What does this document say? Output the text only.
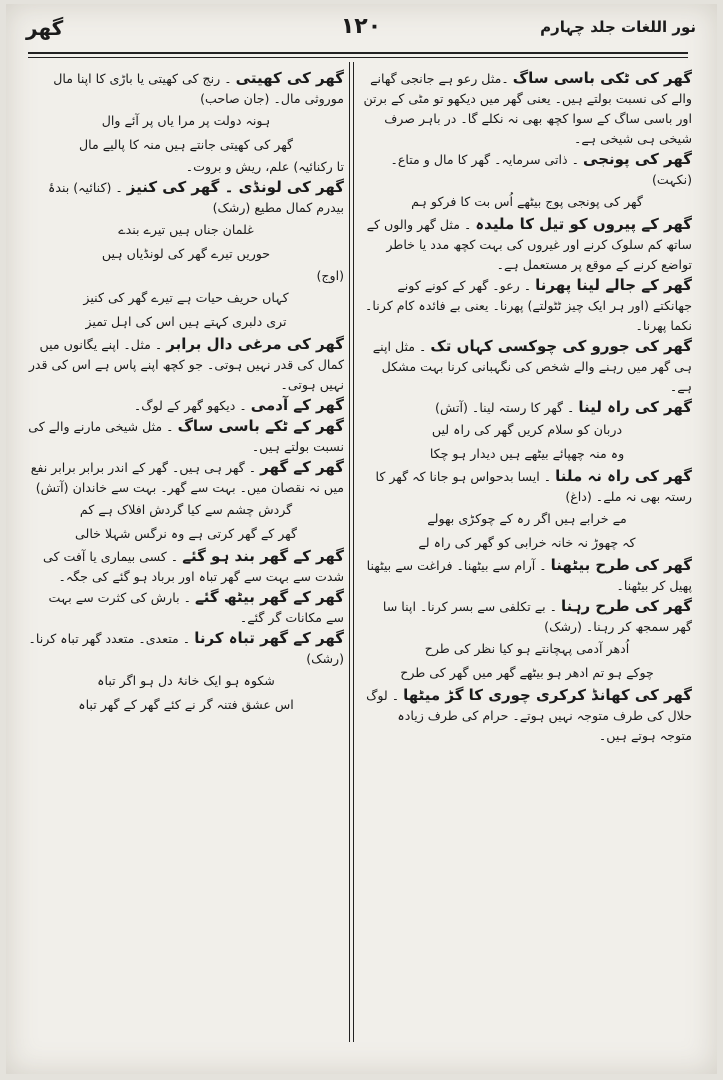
نور اللغات جلد چہارم
۱۲۰
گھر

گھر کی ٹکی باسی ساگ ۔مثل رعو ہے جانجی گھانے والے کی نسبت بولتے ہیں۔ یعنی گھر میں دیکھو تو مٹی کے برتن اور باسی ساگ کے سوا کچھ بھی نہ نکلے گا۔ در باہر صرف شیخی ہی شیخی ہے۔

گھر کی پونجی ۔ ذاتی سرمایہ۔ گھر کا مال و متاع۔ (نکہت)

گھر کی پونجی پوج بیٹھے اُس بت کا فرکو ہم

گھر کے پیروں کو تیل کا ملیدہ ۔ مثل گھر والوں کے ساتھ کم سلوک کرنے اور غیروں کی بہت کچھ مدد یا خاطر تواضع کرنے کے موقع پر مستعمل ہے۔

گھر کے جالے لینا پھرنا ۔ رعو۔ گھر کے کونے کونے جھانکتے (اور ہر ایک چیز ٹٹولتے) پھرنا۔ یعنی بے فائدہ کام کرنا۔ نکما پھرنا۔

گھر کی جورو کی چوکسی کہاں تک ۔ مثل اپنے ہی گھر میں رہنے والے شخص کی نگہبانی کرنا بہت مشکل ہے۔

گھر کی راہ لینا ۔ گھر کا رستہ لینا۔ (آتش)

دربان کو سلام کریں گھر کی راہ لیں
وہ منہ چھپائے بیٹھے ہیں دیدار ہو چکا

گھر کی راہ نہ ملنا ۔ ایسا بدحواس ہو جانا کہ گھر کا رستہ بھی نہ ملے۔ (داغ)

مے خرابے ہیں اگر رہ کے چوکڑی بھولے
کہ چھوڑ نہ خانہ خرابی کو گھر کی راہ لے

گھر کی طرح بیٹھنا ۔ آرام سے بیٹھنا۔ فراغت سے بیٹھنا پھیل کر بیٹھنا۔

گھر کی طرح رہنا ۔ بے تکلفی سے بسر کرنا۔ اپنا سا گھر سمجھ کر رہنا۔ (رشک)

اُدھر آدمی پہچانتے ہو کیا نظر کی طرح
چوکے ہو تم ادھر ہو بیٹھے گھر میں گھر کی طرح

گھر کی کھانڈ کرکری چوری کا گڑ میٹھا ۔ لوگ حلال کی طرف متوجہ نہیں ہوتے۔ حرام کی طرف زیادہ متوجہ ہوتے ہیں۔

گھر کی کھیتی ۔ رنج کی کھیتی یا باڑی کا اپنا مال موروثی مال۔ (جان صاحب)

ہونہ دولت پر مرا یاں پر آئے وال
گھر کی کھیتی جانتے ہیں منہ کا پالیے مال

تا رکنائیہ) علم، ریش و بروت۔

گھر کی لونڈی ۔ گھر کی کنیز ۔ (کنائیہ) بندۂ بیدرم کمال مطیع (رشک)

غلمان جناں ہیں تیرے بندے
حوریں تیرے گھر کی لونڈیاں ہیں

(اوج)

کہاں حریف حیات ہے تیرے گھر کی کنیز
تری دلبری کہتے ہیں اس کی اہل تمیز

گھر کی مرغی دال برابر ۔ مثل۔ اپنے یگانوں میں کمال کی قدر نہیں ہوتی۔ جو کچھ اپنے پاس ہے اس کی قدر نہیں ہوتی۔

گھر کے آدمی ۔ دیکھو گھر کے لوگ۔

گھر کے ٹکے باسی ساگ ۔ مثل شیخی مارنے والے کی نسبت بولتے ہیں۔

گھر کے گھر ۔ گھر ہی ہیں۔ گھر کے اندر برابر برابر نفع میں نہ نقصان میں۔ بہت سے گھر۔ بہت سے خاندان (آتش)

گردش چشم سے کیا گردش افلاک ہے کم
گھر کے گھر کرتی ہے وہ نرگس شہلا خالی

گھر کے گھر بند ہو گئے ۔ کسی بیماری یا آفت کی شدت سے بہت سے گھر تباہ اور برباد ہو گئے کی جگہ۔

گھر کے گھر بیٹھ گئے ۔ بارش کی کثرت سے بہت سے مکانات گر گئے۔

گھر کے گھر تباہ کرنا ۔ متعدی۔ متعدد گھر تباہ کرنا۔ (رشک)

شکوہ ہو ایک خانۂ دل ہو اگر تباہ
اس عشق فتنہ گر نے کئے گھر کے گھر تباہ
